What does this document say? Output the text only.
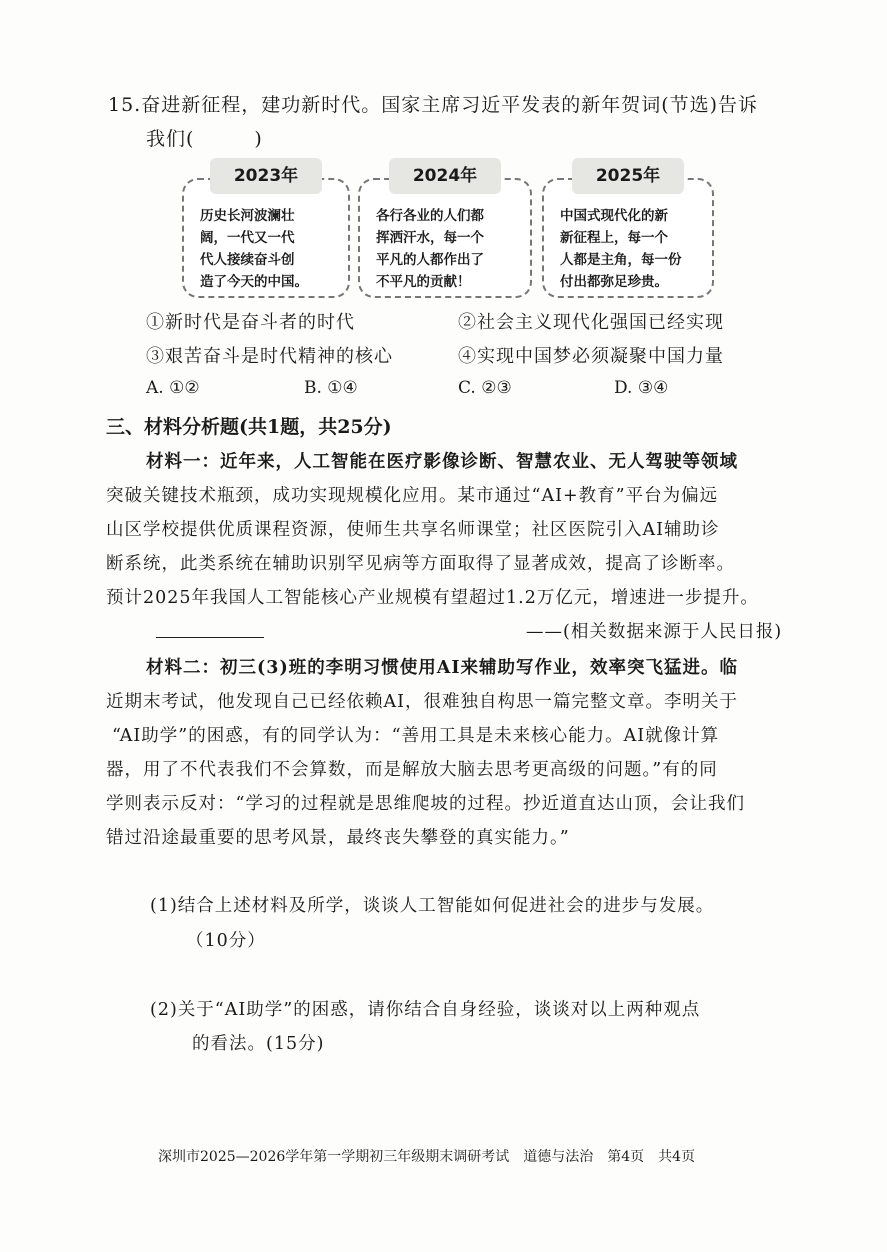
15.奋进新征程，建功新时代。国家主席习近平发表的新年贺词(节选)告诉
我们(　　　)
2023年
历史长河波澜壮
阔，一代又一代
代人接续奋斗创
造了今天的中国。
2024年
各行各业的人们都
挥洒汗水，每一个
平凡的人都作出了
不平凡的贡献！
2025年
中国式现代化的新
新征程上，每一个
人都是主角，每一份
付出都弥足珍贵。
①新时代是奋斗者的时代	②社会主义现代化强国已经实现
③艰苦奋斗是时代精神的核心	④实现中国梦必须凝聚中国力量
A. ①②	B. ①④	C. ②③	D. ③④
三、材料分析题(共1题，共25分)
材料一：近年来，人工智能在医疗影像诊断、智慧农业、无人驾驶等领域
突破关键技术瓶颈，成功实现规模化应用。某市通过“AI+教育”平台为偏远
山区学校提供优质课程资源，使师生共享名师课堂；社区医院引入AI辅助诊
断系统，此类系统在辅助识别罕见病等方面取得了显著成效，提高了诊断率。
预计2025年我国人工智能核心产业规模有望超过1.2万亿元，增速进一步提升。
——(相关数据来源于人民日报)
材料二：初三(3)班的李明习惯使用AI来辅助写作业，效率突飞猛进。临
近期末考试，他发现自己已经依赖AI，很难独自构思一篇完整文章。李明关于
“AI助学”的困惑，有的同学认为：“善用工具是未来核心能力。AI就像计算
器，用了不代表我们不会算数，而是解放大脑去思考更高级的问题。”有的同
学则表示反对：“学习的过程就是思维爬坡的过程。抄近道直达山顶，会让我们
错过沿途最重要的思考风景，最终丧失攀登的真实能力。”
(1)结合上述材料及所学，谈谈人工智能如何促进社会的进步与发展。
（10分）
(2)关于“AI助学”的困惑，请你结合自身经验，谈谈对以上两种观点
的看法。(15分)
深圳市2025—2026学年第一学期初三年级期末调研考试　道德与法治　第4页　共4页
